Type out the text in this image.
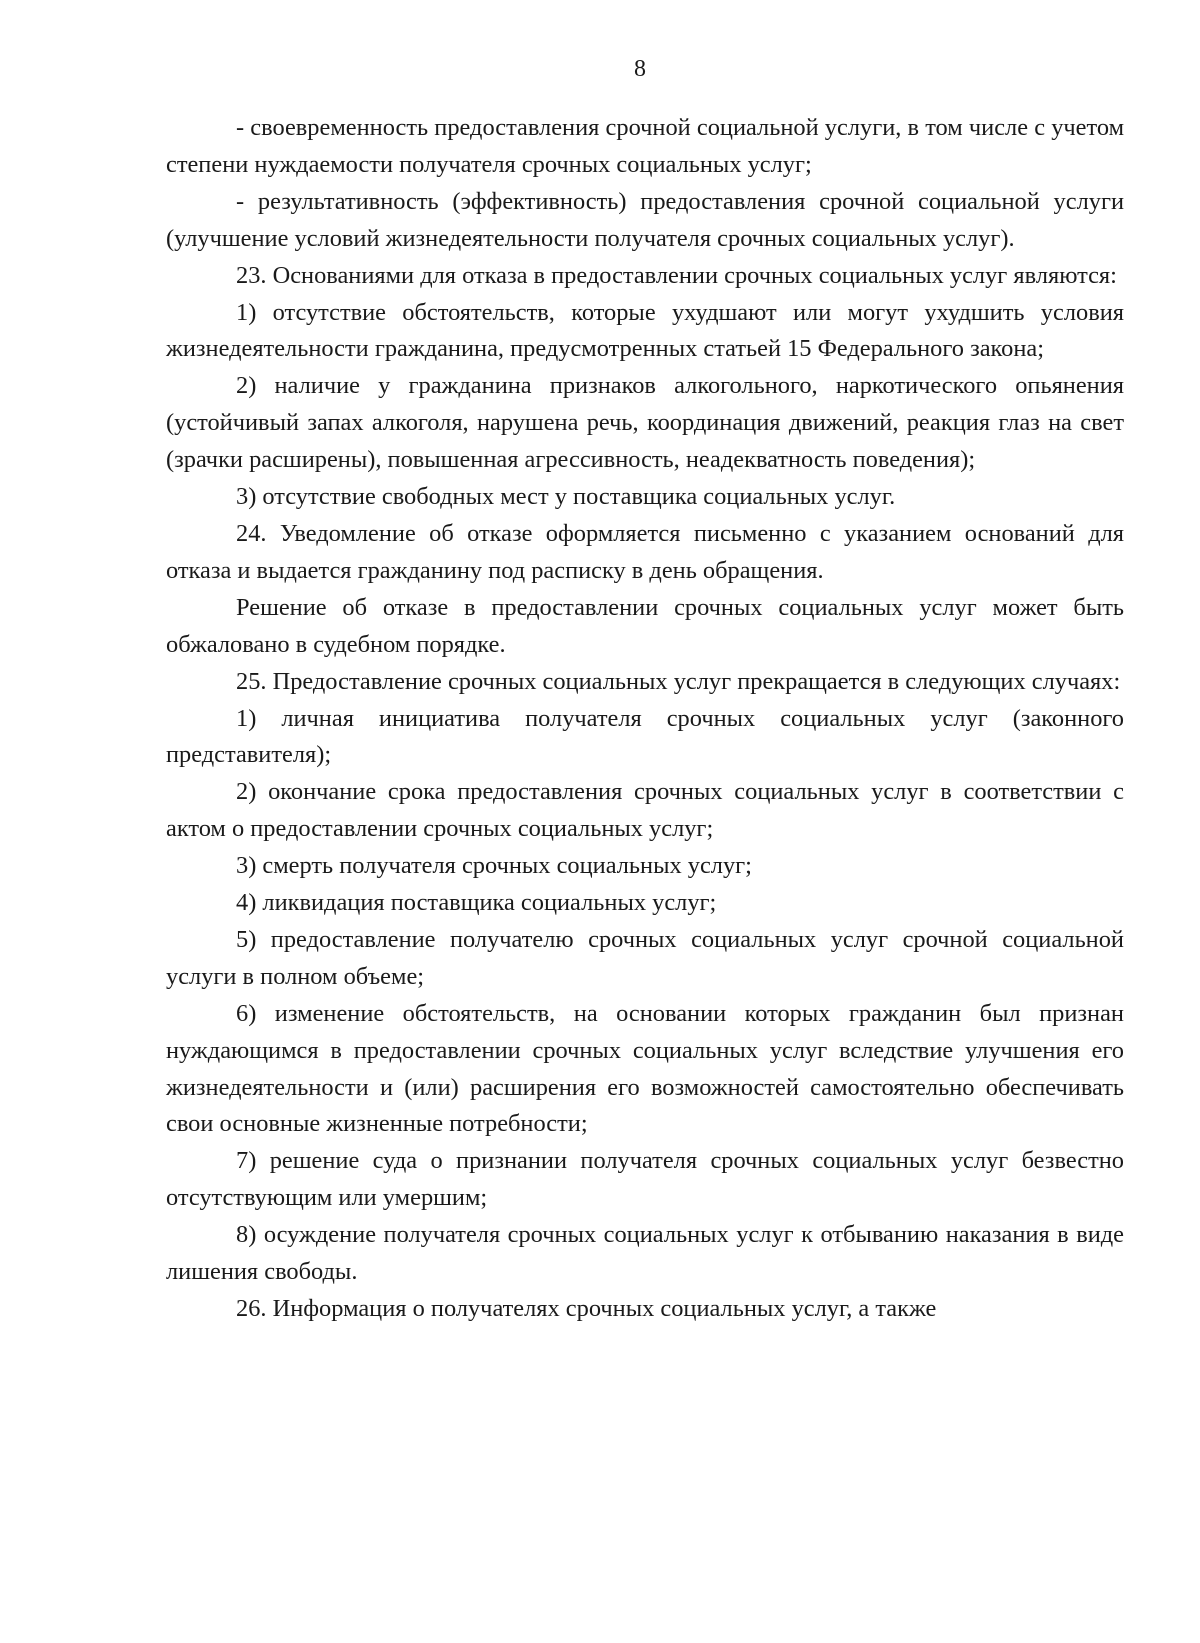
8

- своевременность предоставления срочной социальной услуги, в том числе с учетом степени нуждаемости получателя срочных социальных услуг;

- результативность (эффективность) предоставления срочной социальной услуги (улучшение условий жизнедеятельности получателя срочных социальных услуг).

23. Основаниями для отказа в предоставлении срочных социальных услуг являются:

1) отсутствие обстоятельств, которые ухудшают или могут ухудшить условия жизнедеятельности гражданина, предусмотренных статьей 15 Федерального закона;

2) наличие у гражданина признаков алкогольного, наркотического опьянения (устойчивый запах алкоголя, нарушена речь, координация движений, реакция глаз на свет (зрачки расширены), повышенная агрессивность, неадекватность поведения);

3) отсутствие свободных мест у поставщика социальных услуг.

24. Уведомление об отказе оформляется письменно с указанием оснований для отказа и выдается гражданину под расписку в день обращения.

Решение об отказе в предоставлении срочных социальных услуг может быть обжаловано в судебном порядке.

25. Предоставление срочных социальных услуг прекращается в следующих случаях:

1) личная инициатива получателя срочных социальных услуг (законного представителя);

2) окончание срока предоставления срочных социальных услуг в соответствии с актом о предоставлении срочных социальных услуг;

3) смерть получателя срочных социальных услуг;

4) ликвидация поставщика социальных услуг;

5) предоставление получателю срочных социальных услуг срочной социальной услуги в полном объеме;

6) изменение обстоятельств, на основании которых гражданин был признан нуждающимся в предоставлении срочных социальных услуг вследствие улучшения его жизнедеятельности и (или) расширения его возможностей самостоятельно обеспечивать свои основные жизненные потребности;

7) решение суда о признании получателя срочных социальных услуг безвестно отсутствующим или умершим;

8) осуждение получателя срочных социальных услуг к отбыванию наказания в виде лишения свободы.

26. Информация о получателях срочных социальных услуг, а также
